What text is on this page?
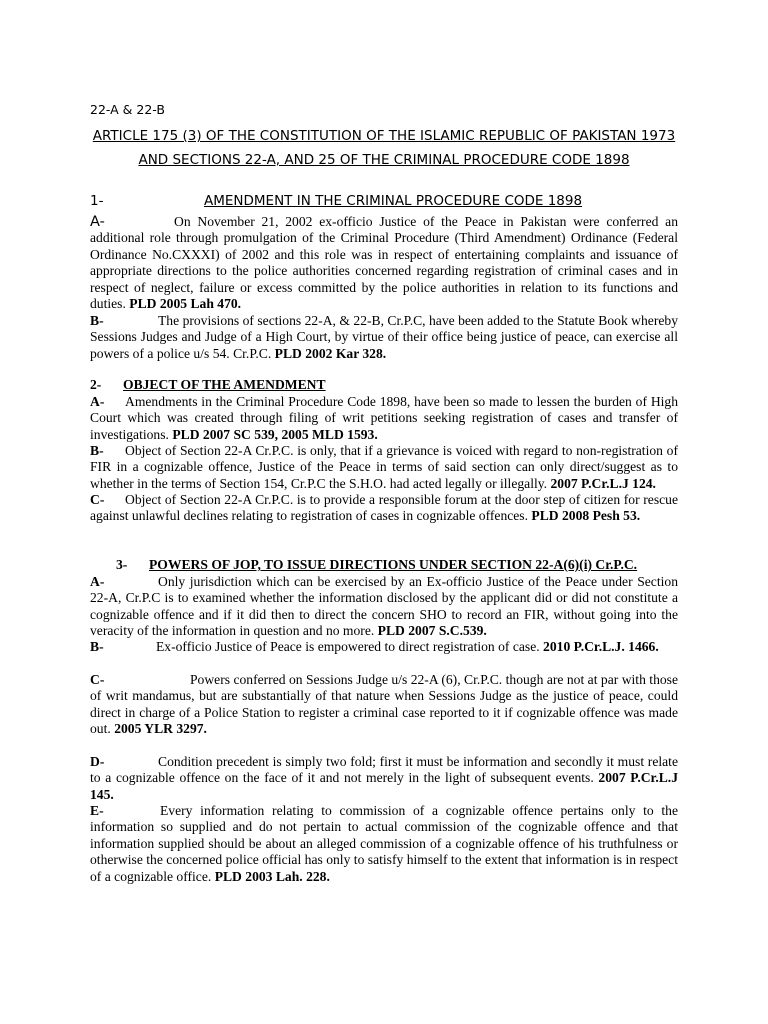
22-A & 22-B
ARTICLE 175 (3) OF THE CONSTITUTION OF THE ISLAMIC REPUBLIC OF PAKISTAN 1973
AND SECTIONS 22-A, AND 25 OF THE CRIMINAL PROCEDURE CODE 1898
1-	AMENDMENT IN THE CRIMINAL PROCEDURE CODE 1898

A-	On November 21, 2002 ex-officio Justice of the Peace in Pakistan were conferred an additional role through promulgation of the Criminal Procedure (Third Amendment) Ordinance (Federal Ordinance No.CXXXI) of 2002 and this role was in respect of entertaining complaints and issuance of appropriate directions to the police authorities concerned regarding registration of criminal cases and in respect of neglect, failure or excess committed by the police authorities in relation to its functions and duties. PLD 2005 Lah 470.

B-	The provisions of sections 22-A, & 22-B, Cr.P.C, have been added to the Statute Book whereby Sessions Judges and Judge of a High Court, by virtue of their office being justice of peace, can exercise all powers of a police u/s 54. Cr.P.C. PLD 2002 Kar 328.

2- OBJECT OF THE AMENDMENT

A- Amendments in the Criminal Procedure Code 1898, have been so made to lessen the burden of High Court which was created through filing of writ petitions seeking registration of cases and transfer of investigations. PLD 2007 SC 539, 2005 MLD 1593.

B- Object of Section 22-A Cr.P.C. is only, that if a grievance is voiced with regard to non-registration of FIR in a cognizable offence, Justice of the Peace in terms of said section can only direct/suggest as to whether in the terms of Section 154, Cr.P.C the S.H.O. had acted legally or illegally. 2007 P.Cr.L.J 124.

C- Object of Section 22-A Cr.P.C. is to provide a responsible forum at the door step of citizen for rescue against unlawful declines relating to registration of cases in cognizable offences. PLD 2008 Pesh 53.

3- POWERS OF JOP, TO ISSUE DIRECTIONS UNDER SECTION 22-A(6)(i) Cr.P.C.

A-	Only jurisdiction which can be exercised by an Ex-officio Justice of the Peace under Section 22-A, Cr.P.C is to examined whether the information disclosed by the applicant did or did not constitute a cognizable offence and if it did then to direct the concern SHO to record an FIR, without going into the veracity of the information in question and no more. PLD 2007 S.C.539.

B-	Ex-officio Justice of Peace is empowered to direct registration of case. 2010 P.Cr.L.J. 1466.

C-	Powers conferred on Sessions Judge u/s 22-A (6), Cr.P.C. though are not at par with those of writ mandamus, but are substantially of that nature when Sessions Judge as the justice of peace, could direct in charge of a Police Station to register a criminal case reported to it if cognizable offence was made out. 2005 YLR 3297.

D-	Condition precedent is simply two fold; first it must be information and secondly it must relate to a cognizable offence on the face of it and not merely in the light of subsequent events. 2007 P.Cr.L.J 145.

E-	Every information relating to commission of a cognizable offence pertains only to the information so supplied and do not pertain to actual commission of the cognizable offence and that information supplied should be about an alleged commission of a cognizable offence of his truthfulness or otherwise the concerned police official has only to satisfy himself to the extent that information is in respect of a cognizable office. PLD 2003 Lah. 228.
